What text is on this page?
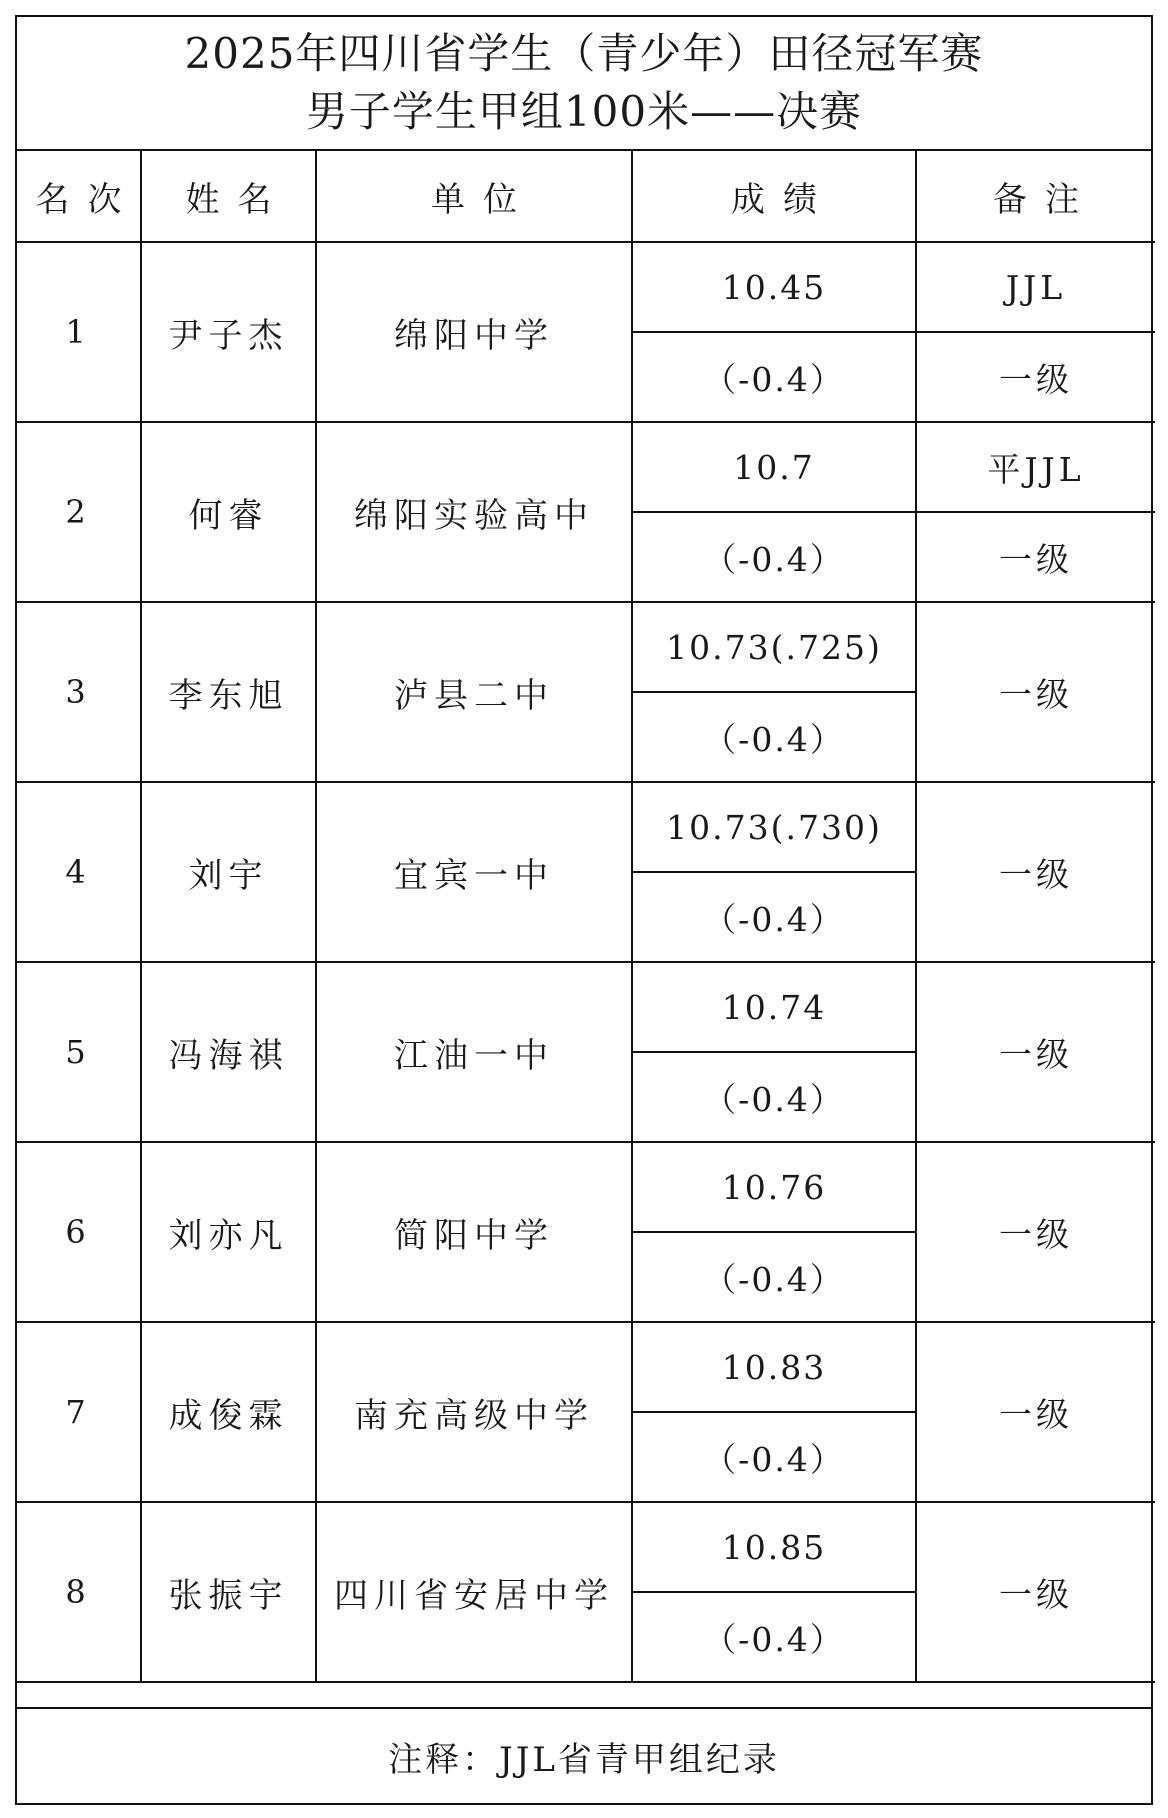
2025年四川省学生（青少年）田径冠军赛
男子学生甲组100米——决赛
名次	姓名	单位	成绩	备注
1	尹子杰	绵阳中学	10.45	JJL
			（-0.4）	一级
2	何睿	绵阳实验高中	10.7	平JJL
			（-0.4）	一级
3	李东旭	泸县二中	10.73(.725)	一级
			（-0.4）	
4	刘宇	宜宾一中	10.73(.730)	一级
			（-0.4）	
5	冯海祺	江油一中	10.74	一级
			（-0.4）	
6	刘亦凡	简阳中学	10.76	一级
			（-0.4）	
7	成俊霖	南充高级中学	10.83	一级
			（-0.4）	
8	张振宇	四川省安居中学	10.85	一级
			（-0.4）	
注释：JJL省青甲组纪录
